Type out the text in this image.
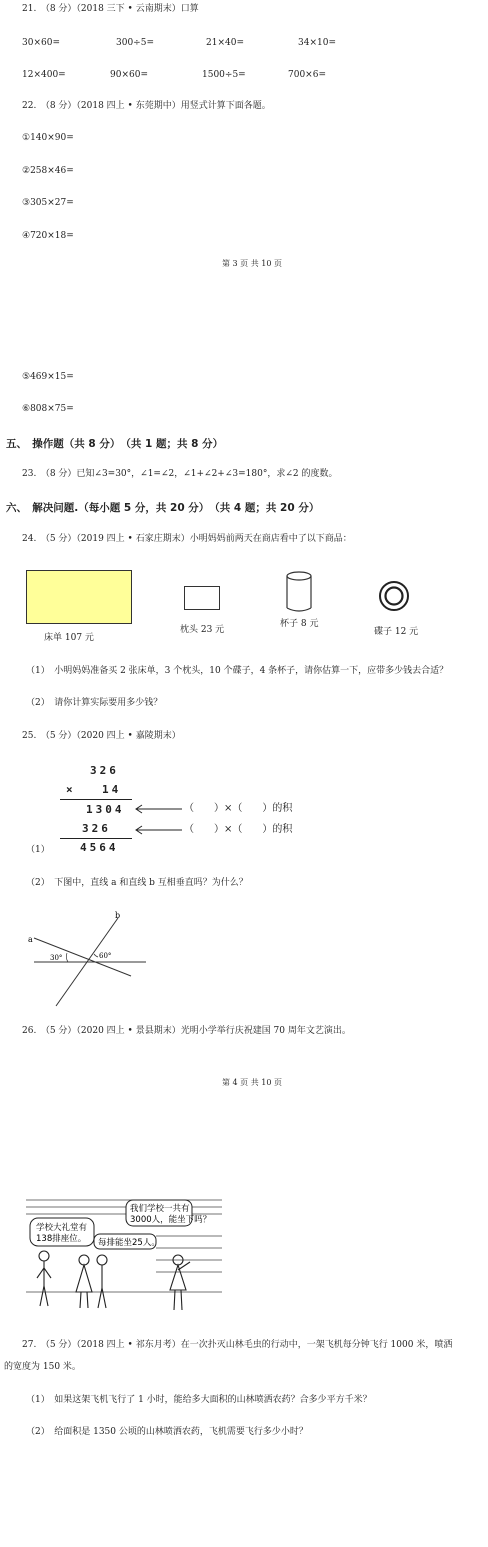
21.　（8 分）（2018 三下 • 云南期末）口算
30×60=	300÷5=	21×40=	34×10=
12×400=	90×60=	1500÷5=	700×6=
22.　（8 分）（2018 四上 • 东莞期中）用竖式计算下面各题。
①140×90=
②258×46=
③305×27=
④720×18=
第 3 页 共 10 页
⑤469×15=
⑥808×75=
五、　操作题（共 8 分）　（共 1 题；共 8 分）
23.　（8 分）已知∠3=30°，∠1=∠2，∠1+∠2+∠3=180°，求∠2 的度数。
六、　解决问题.（每小题 5 分，共 20 分）　（共 4 题；共 20 分）
24.　（5 分）（2019 四上 • 石家庄期末）小明妈妈前两天在商店看中了以下商品：
床单 107 元
枕头 23 元
杯子 8 元
碟子 12 元
（1）　小明妈妈准备买 2 张床单，3 个枕头，10 个碟子，4 条杯子，请你估算一下，应带多少钱去合适？
（2）　请你计算实际要用多少钱？
25.　（5 分）（2020 四上 • 嘉陵期末）
326
× 14
1304
326
4564
（　　）×（　　）的积
（　　）×（　　）的积
（1）
（2）　下图中，直线 a 和直线 b 互相垂直吗？为什么？
a
b
30°	60°
26.　（5 分）（2020 四上 • 景县期末）光明小学举行庆祝建国 70 周年文艺演出。
第 4 页 共 10 页
学校大礼堂有
138排座位。 每排能坐25人。
我们学校一共有
3000人，能坐下吗？
27.　（5 分）（2018 四上 • 祁东月考）在一次扑灭山林毛虫的行动中，一架飞机每分钟飞行 1000 米，喷洒
的宽度为 150 米。
（1）　如果这架飞机飞行了 1 小时，能给多大面积的山林喷洒农药？合多少平方千米？
（2）　给面积是 1350 公顷的山林喷洒农药，飞机需要飞行多少小时？
